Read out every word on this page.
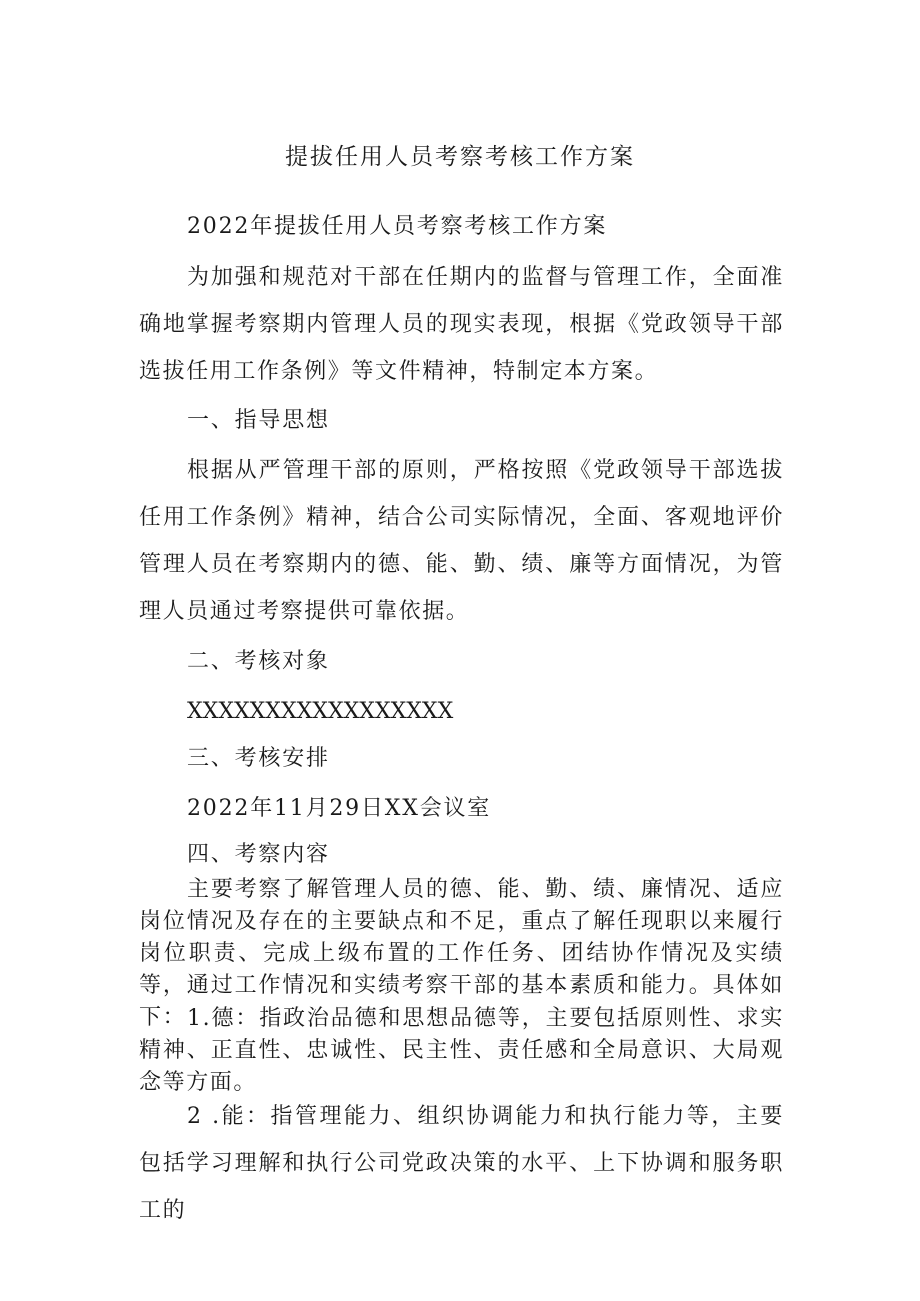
提拔任用人员考察考核工作方案

2022年提拔任用人员考察考核工作方案

为加强和规范对干部在任期内的监督与管理工作，全面准确地掌握考察期内管理人员的现实表现，根据《党政领导干部选拔任用工作条例》等文件精神，特制定本方案。

一、指导思想

根据从严管理干部的原则，严格按照《党政领导干部选拔任用工作条例》精神，结合公司实际情况，全面、客观地评价管理人员在考察期内的德、能、勤、绩、廉等方面情况，为管理人员通过考察提供可靠依据。

二、考核对象

XXXXXXXXXXXXXXXXX

三、考核安排

2022年11月29日XX会议室

四、考察内容

主要考察了解管理人员的德、能、勤、绩、廉情况、适应岗位情况及存在的主要缺点和不足，重点了解任现职以来履行岗位职责、完成上级布置的工作任务、团结协作情况及实绩等，通过工作情况和实绩考察干部的基本素质和能力。具体如下： 1.德：指政治品德和思想品德等，主要包括原则性、求实精神、正直性、忠诚性、民主性、责任感和全局意识、大局观念等方面。

2 .能：指管理能力、组织协调能力和执行能力等，主要包括学习理解和执行公司党政决策的水平、上下协调和服务职工的
